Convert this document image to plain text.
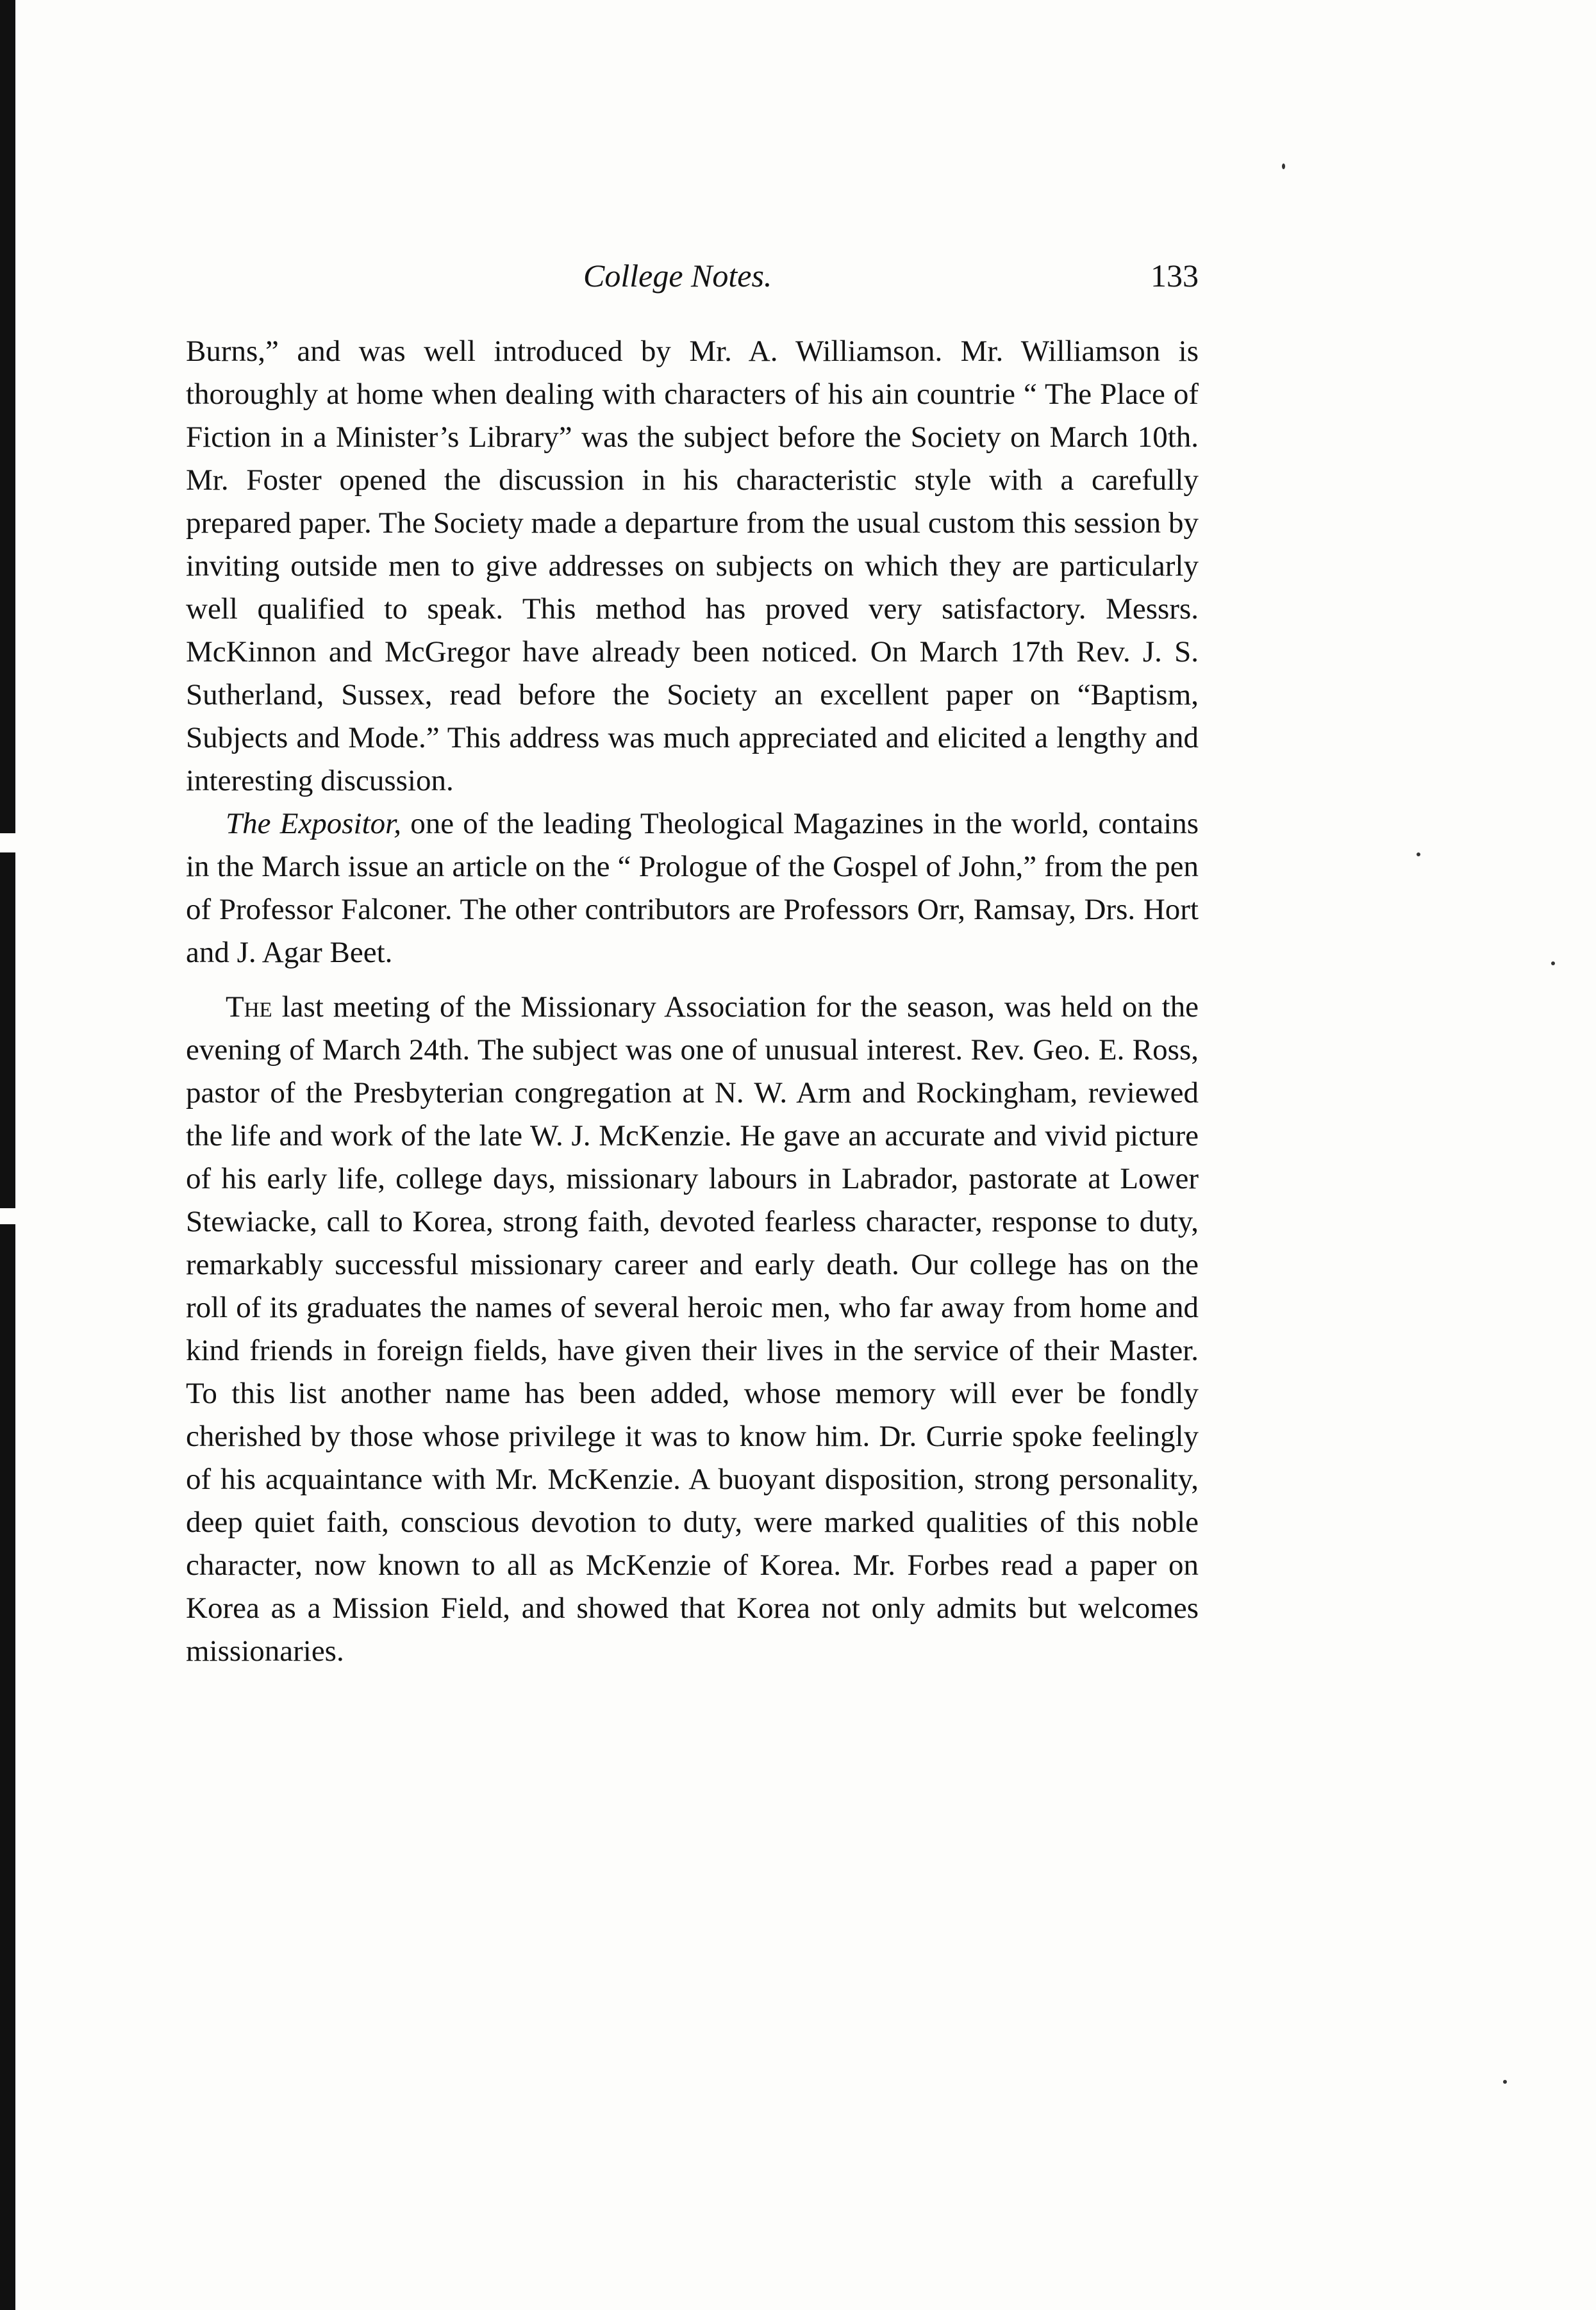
College Notes.	133

Burns,” and was well introduced by Mr. A. Williamson. Mr. Williamson is thoroughly at home when dealing with characters of his ain countrie “ The Place of Fiction in a Minister’s Library” was the subject before the Society on March 10th. Mr. Foster opened the discussion in his characteristic style with a carefully prepared paper. The Society made a departure from the usual custom this session by inviting outside men to give addresses on subjects on which they are particularly well qualified to speak. This method has proved very satisfactory. Messrs. McKinnon and McGregor have already been noticed. On March 17th Rev. J. S. Sutherland, Sussex, read before the Society an excellent paper on “Baptism, Subjects and Mode.” This address was much appreciated and elicited a lengthy and interesting discussion.

The Expositor, one of the leading Theological Magazines in the world, contains in the March issue an article on the “ Prologue of the Gospel of John,” from the pen of Professor Falconer. The other contributors are Professors Orr, Ramsay, Drs. Hort and J. Agar Beet.

The last meeting of the Missionary Association for the season, was held on the evening of March 24th. The subject was one of unusual interest. Rev. Geo. E. Ross, pastor of the Presbyterian congregation at N. W. Arm and Rockingham, reviewed the life and work of the late W. J. McKenzie. He gave an accurate and vivid picture of his early life, college days, missionary labours in Labrador, pastorate at Lower Stewiacke, call to Korea, strong faith, devoted fearless character, response to duty, remarkably successful missionary career and early death. Our college has on the roll of its graduates the names of several heroic men, who far away from home and kind friends in foreign fields, have given their lives in the service of their Master. To this list another name has been added, whose memory will ever be fondly cherished by those whose privilege it was to know him. Dr. Currie spoke feelingly of his acquaintance with Mr. McKenzie. A buoyant disposition, strong personality, deep quiet faith, conscious devotion to duty, were marked qualities of this noble character, now known to all as McKenzie of Korea. Mr. Forbes read a paper on Korea as a Mission Field, and showed that Korea not only admits but welcomes missionaries.
